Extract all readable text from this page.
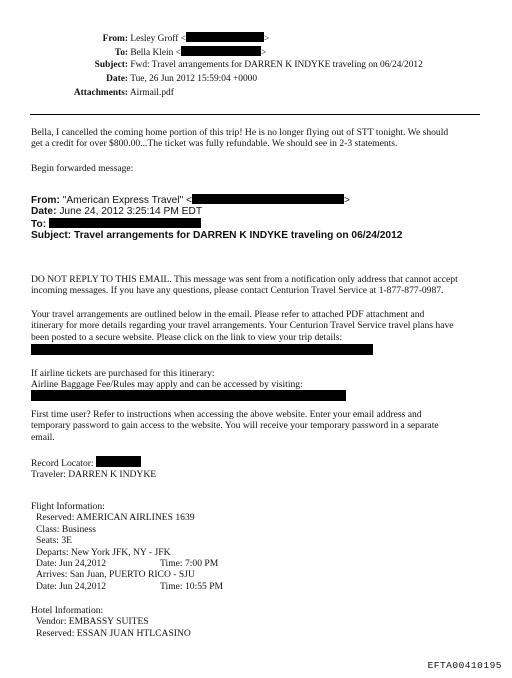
From: Lesley Groff <	>
To: Bella Klein <	>
Subject: Fwd: Travel arrangements for DARREN K INDYKE traveling on 06/24/2012
Date: Tue, 26 Jun 2012 15:59:04 +0000
Attachments: Airmail.pdf

Bella, I cancelled the coming home portion of this trip! He is no longer flying out of STT tonight. We should

get a credit for over $800.00...The ticket was fully refundable. We should see in 2-3 statements.

Begin forwarded message:

From: "American Express Travel" <	>
Date: June 24, 2012 3:25:14 PM EDT
To:
Subject: Travel arrangements for DARREN K INDYKE traveling on 06/24/2012

DO NOT REPLY TO THIS EMAIL. This message was sent from a notification only address that cannot accept

incoming messages. If you have any questions, please contact Centurion Travel Service at 1-877-877-0987.

Your travel arrangements are outlined below in the email. Please refer to attached PDF attachment and

itinerary for more details regarding your travel arrangements. Your Centurion Travel Service travel plans have

been posted to a secure website. Please click on the link to view your trip details:

If airline tickets are purchased for this itinerary:

Airline Baggage Fee/Rules may apply and can be accessed by visiting:

First time user? Refer to instructions when accessing the above website. Enter your email address and

temporary password to gain access to the website. You will receive your temporary password in a separate

email.

Record Locator:

Traveler: DARREN K INDYKE

Flight Information:

Reserved: AMERICAN AIRLINES 1639

Class: Business

Seats: 3E

Departs: New York JFK, NY - JFK

Date: Jun 24,2012	Time: 7:00 PM

Arrives: San Juan, PUERTO RICO - SJU

Date: Jun 24,2012	Time: 10:55 PM

Hotel Information:

Vendor: EMBASSY SUITES

Reserved: ESSAN JUAN HTLCASINO

EFTA00410195
